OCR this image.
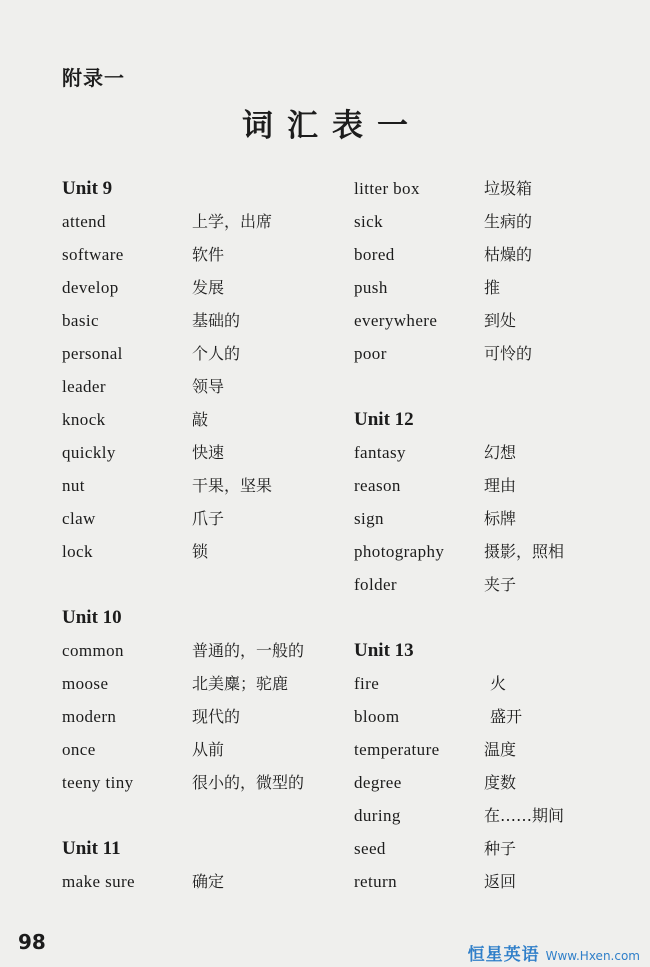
附录一
词汇表一
Unit 9
attend	上学，出席
software	软件
develop	发展
basic	基础的
personal	个人的
leader	领导
knock	敲
quickly	快速
nut	干果，坚果
claw	爪子
lock	锁
Unit 10
common	普通的，一般的
moose	北美麋；驼鹿
modern	现代的
once	从前
teeny tiny	很小的，微型的
Unit 11
make sure	确定
litter box	垃圾箱
sick	生病的
bored	枯燥的
push	推
everywhere	到处
poor	可怜的
Unit 12
fantasy	幻想
reason	理由
sign	标牌
photography	摄影，照相
folder	夹子
Unit 13
fire	火
bloom	盛开
temperature	温度
degree	度数
during	在……期间
seed	种子
return	返回
98
恒星英语 Www.Hxen.com
